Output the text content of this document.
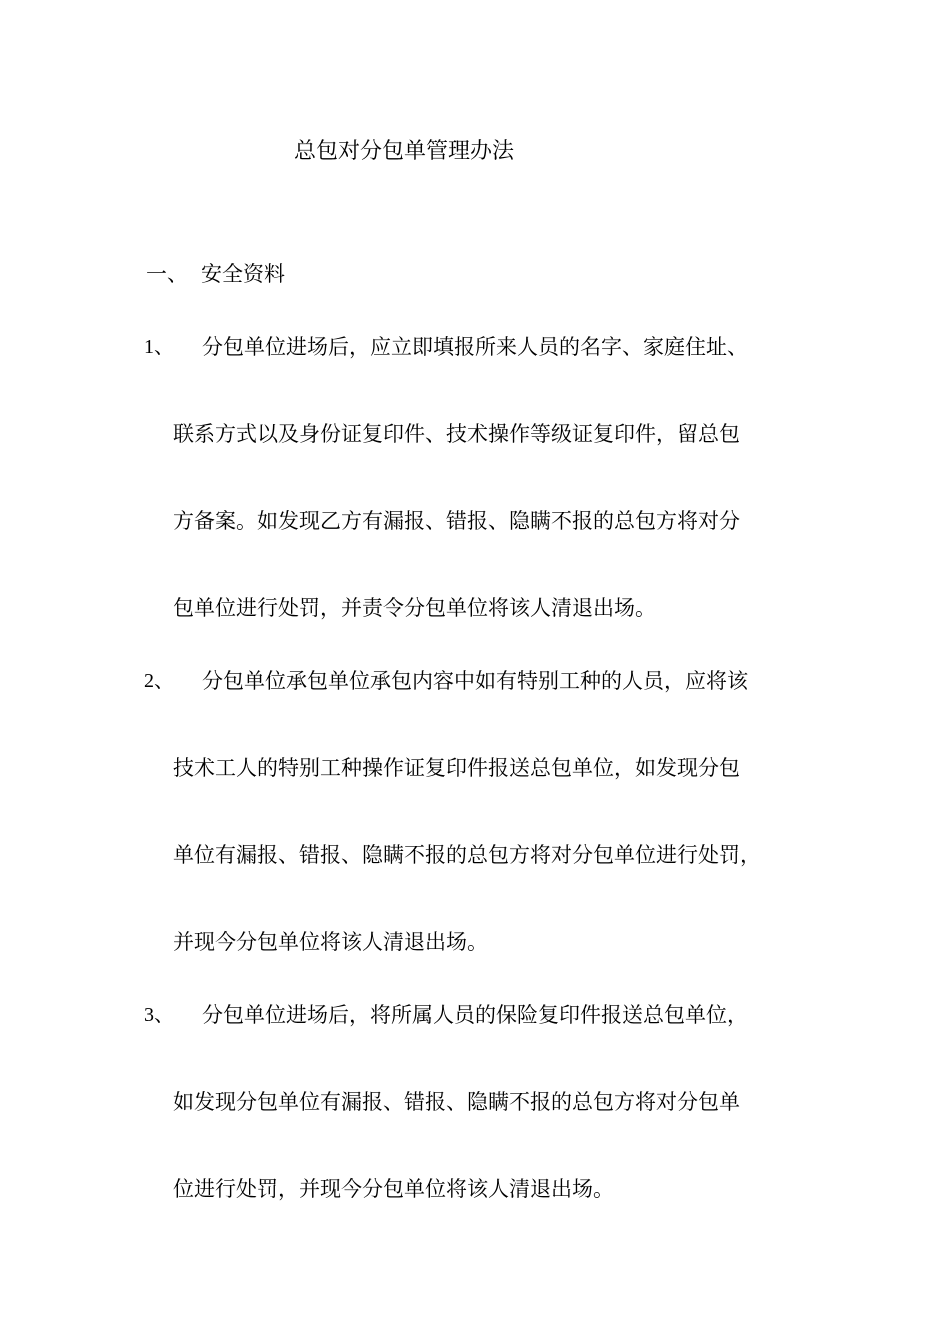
总包对分包单管理办法
一、 安全资料
1、 分包单位进场后，应立即填报所来人员的名字、家庭住址、
联系方式以及身份证复印件、技术操作等级证复印件，留总包
方备案。如发现乙方有漏报、错报、隐瞒不报的总包方将对分
包单位进行处罚，并责令分包单位将该人清退出场。
2、 分包单位承包单位承包内容中如有特别工种的人员，应将该
技术工人的特别工种操作证复印件报送总包单位，如发现分包
单位有漏报、错报、隐瞒不报的总包方将对分包单位进行处罚，
并现今分包单位将该人清退出场。
3、 分包单位进场后，将所属人员的保险复印件报送总包单位，
如发现分包单位有漏报、错报、隐瞒不报的总包方将对分包单
位进行处罚，并现今分包单位将该人清退出场。
